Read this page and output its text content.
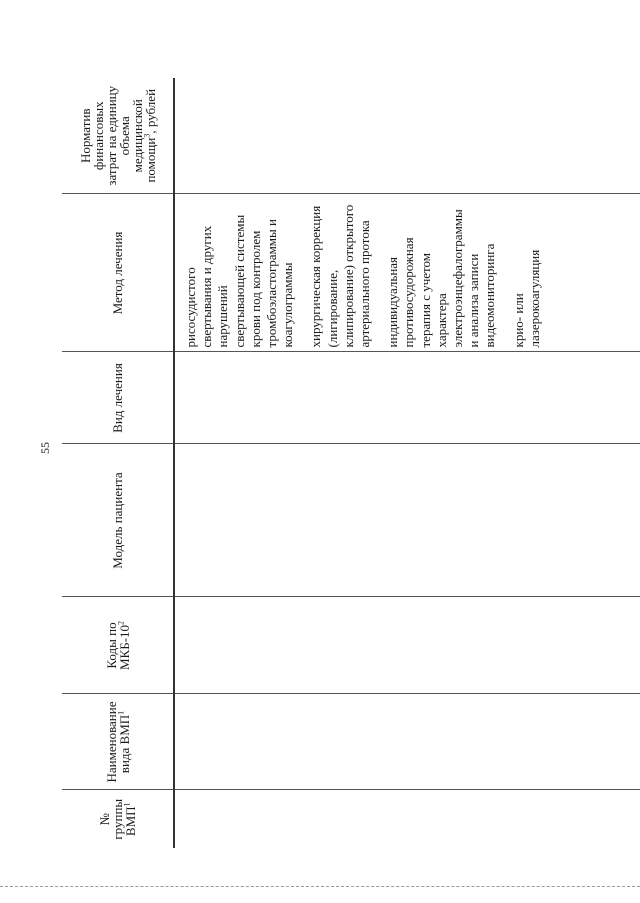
55
№ группы ВМП$^1$	Наименование вида ВМП$^1$	Коды по МКБ-$10^2$	Модель пациента	Вид лечения	Метод лечения	Норматив финансовых затрат на единицу объема медицинской помощи$^3$, рублей

					рисосудистого свертывания и других нарушений свертывающей системы крови под контролем тромбоэластограммы и коагулограммы хирургическая коррекция (лигирование, клипирование) открытого артериального протока индивидуальная противосудорожная терапия с учетом характера электроэнцефалограммы и анализа записи видеомониторинга крио- или лазерокоагуляция	
